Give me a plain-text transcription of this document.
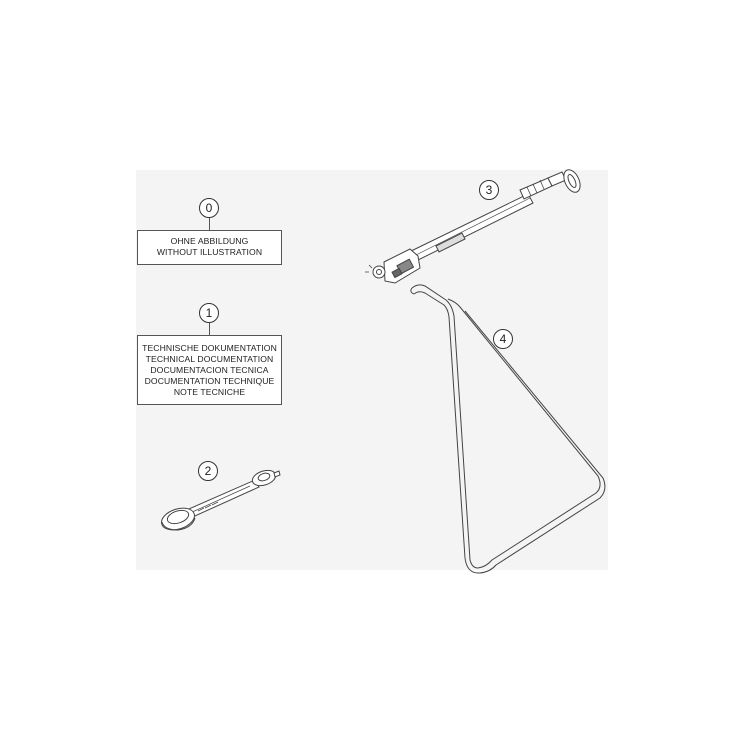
0
OHNE ABBILDUNG
WITHOUT ILLUSTRATION
1
TECHNISCHE DOKUMENTATION
TECHNICAL DOCUMENTATION
DOCUMENTACION TECNICA
DOCUMENTATION TECHNIQUE
NOTE TECNICHE
2
3
4
